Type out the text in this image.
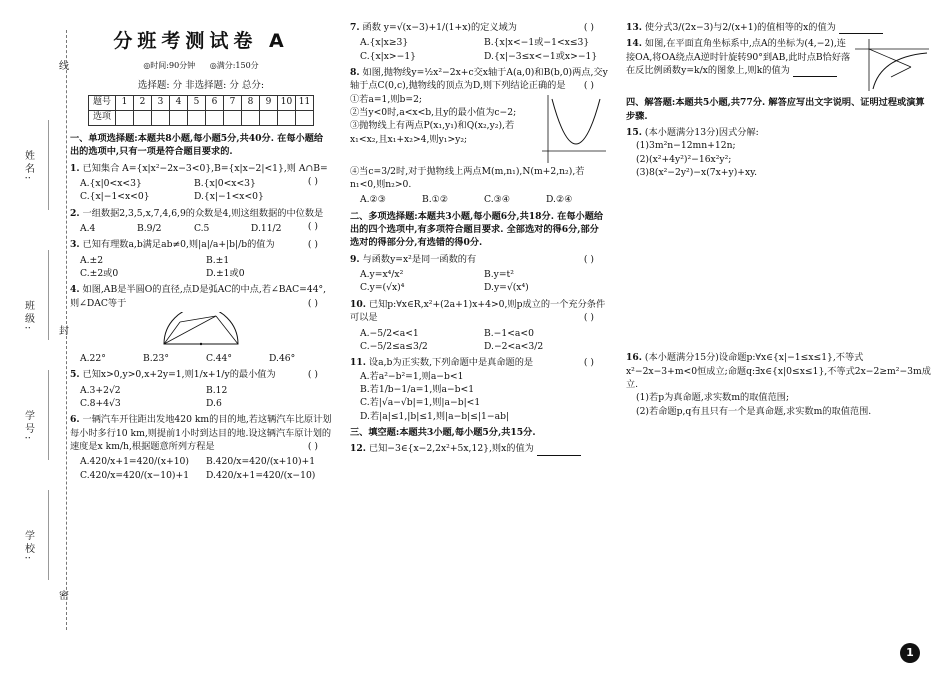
姓名:
班级:
学号:
学校:
线
封
密
分班考测试卷 A
◎时间:90分钟 ◎满分:150分
选择题: 分 非选择题: 分 总分:
题号	1	2	3	4	5	6	7	8	9	10	11
选项											
一、单项选择题:本题共8小题,每小题5分,共40分. 在每小题给出的选项中,只有一项是符合题目要求的.
1. 已知集合 A={x|x²−2x−3<0},B={x|x−2|<1},则 A∩B=
( )
A.{x|0<x<3}	B.{x|0<x<3}
C.{x|−1<x<0}	D.{x|−1<x<0}
2. 一组数据2,3,5,x,7,4,6,9的众数是4,则这组数据的中位数是
( )
A.4	B.9/2	C.5	D.11/2
3. 已知有理数a,b满足ab≠0,则|a|/a+|b|/b的值为	( )
A.±2	B.±1
C.±2或0	D.±1或0
4. 如图,AB是半圆O的直径,点D是弧AC的中点,若∠BAC=44°,则∠DAC等于	( )
A.22°	B.23°	C.44°	D.46°
5. 已知x>0,y>0,x+2y=1,则1/x+1/y的最小值为	( )
A.3+2√2	B.12
C.8+4√3	D.6
6. 一辆汽车开往距出发地420 km的目的地,若这辆汽车比原计划每小时多行10 km,则提前1小时到达目的地.设这辆汽车原计划的速度是x km/h,根据题意所列方程是	( )
A.420/x+1=420/(x+10)	B.420/x=420/(x+10)+1
C.420/x=420/(x−10)+1	D.420/x+1=420/(x−10)
7. 函数 y=√(x−3)+1/(1+x)的定义域为	( )
A.{x|x≥3}	B.{x|x<−1或−1<x≤3}
C.{x|x>−1}	D.{x|−3≤x<−1或x>−1}
8. 如图,抛物线y=½x²−2x+c交x轴于A(a,0)和B(b,0)两点,交y轴于点C(0,c),抛物线的顶点为D,则下列结论正确的是 ( )
①若a=1,则b=2;
②当y<0时,a<x<b,且y的最小值为c−2;
③抛物线上有两点P(x₁,y₁)和Q(x₂,y₂),若x₁<x₂,且x₁+x₂>4,则y₁>y₂;
④当c=3/2时,对于抛物线上两点M(m,n₁),N(m+2,n₂),若n₁<0,则n₂>0.
A.②③	B.①②	C.③④	D.②④
二、多项选择题:本题共3小题,每小题6分,共18分. 在每小题给出的四个选项中,有多项符合题目要求. 全部选对的得6分,部分选对的得部分分,有选错的得0分.
9. 与函数y=x²是同一函数的有	( )
A.y=x⁴/x²	B.y=t²
C.y=(√x)⁴	D.y=√(x⁴)
10. 已知p:∀x∈R,x²+(2a+1)x+4>0,则p成立的一个充分条件可以是	( )
A.−5/2<a<1	B.−1<a<0
C.−5/2≤a≤3/2	D.−2<a<3/2
11. 设a,b为正实数,下列命题中是真命题的是	( )
A.若a²−b²=1,则a−b<1
B.若1/b−1/a=1,则a−b<1
C.若|√a−√b|=1,则|a−b|<1
D.若|a|≤1,|b|≤1,则|a−b|≤|1−ab|
三、填空题:本题共3小题,每小题5分,共15分.
12. 已知−3∈{x−2,2x²+5x,12},则x的值为
13. 使分式3/(2x−3)与2/(x+1)的值相等的x的值为
14. 如图,在平面直角坐标系中,点A的坐标为(4,−2),连接OA,将OA绕点A逆时针旋转90°到AB,此时点B恰好落在反比例函数y=k/x的图象上,则k的值为
四、解答题:本题共5小题,共77分. 解答应写出文字说明、证明过程或演算步骤.
15. (本小题满分13分)因式分解:
(1)3m²n−12mn+12n;
(2)(x²+4y²)²−16x²y²;
(3)8(x²−2y²)−x(7x+y)+xy.
16. (本小题满分15分)设命题p:∀x∈{x|−1≤x≤1},不等式x²−2x−3+m<0恒成立;命题q:∃x∈{x|0≤x≤1},不等式2x−2≥m²−3m成立.
(1)若p为真命题,求实数m的取值范围;
(2)若命题p,q有且只有一个是真命题,求实数m的取值范围.
1
